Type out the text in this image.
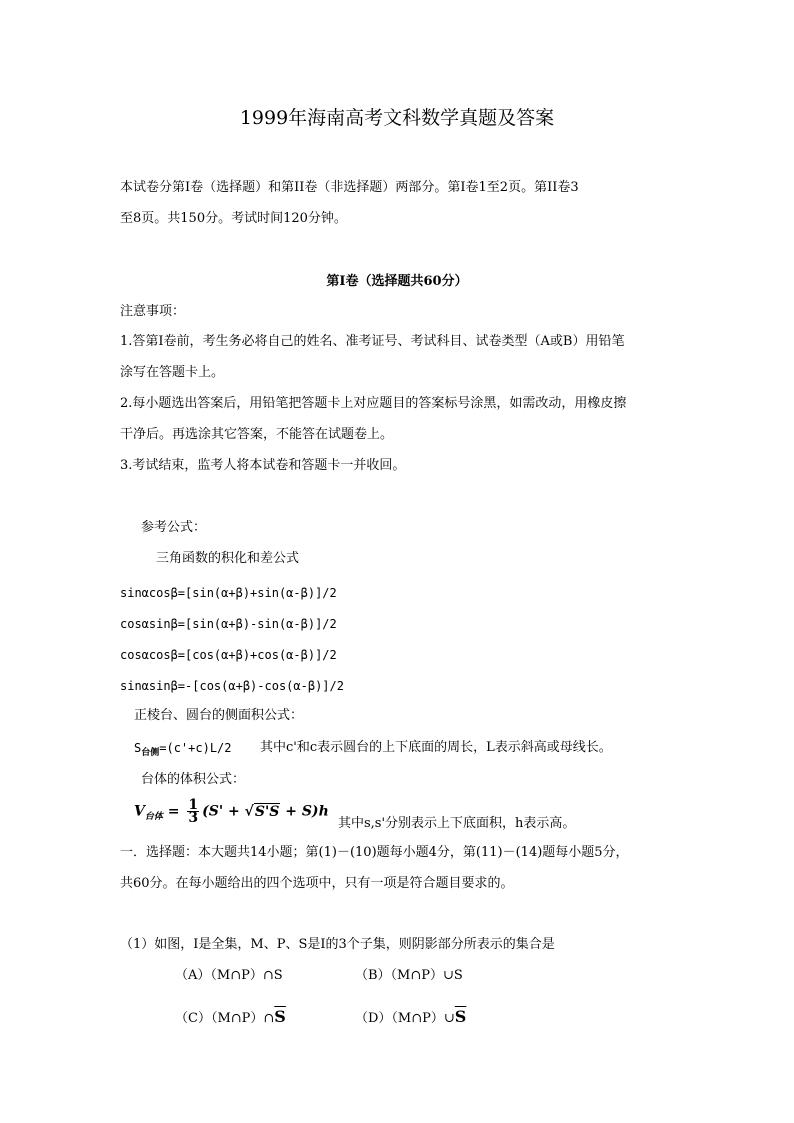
1999年海南高考文科数学真题及答案
本试卷分第Ⅰ卷（选择题）和第II卷（非选择题）两部分。第Ⅰ卷1至2页。第II卷3
至8页。共150分。考试时间120分钟。
第Ⅰ卷（选择题共60分）
注意事项：
1.答第Ⅰ卷前，考生务必将自己的姓名、准考证号、考试科目、试卷类型（A或B）用铅笔
涂写在答题卡上。
2.每小题选出答案后，用铅笔把答题卡上对应题目的答案标号涂黑，如需改动，用橡皮擦
干净后。再选涂其它答案，不能答在试题卷上。
3.考试结束，监考人将本试卷和答题卡一并收回。
参考公式：
三角函数的积化和差公式
sinαcosβ=[sin(α+β)+sin(α-β)]/2
cosαsinβ=[sin(α+β)-sin(α-β)]/2
cosαcosβ=[cos(α+β)+cos(α-β)]/2
sinαsinβ=-[cos(α+β)-cos(α-β)]/2
正棱台、圆台的侧面积公式：
$S_{台侧}=(c'+c)L/2$ 其中c'和c表示圆台的上下底面的周长，L表示斜高或母线长。
台体的体积公式：
$V_{台体} = \frac{1}{3} (S' + √S'S + S)h$
其中s,s'分别表示上下底面积，h表示高。
一．选择题：本大题共14小题；第(1)－(10)题每小题4分，第(11)－(14)题每小题5分，
共60分。在每小题给出的四个选项中，只有一项是符合题目要求的。
（1）如图，I是全集，M、P、S是I的3个子集，则阴影部分所表示的集合是
（A）（M∩P）∩S	（B）（M∩P）∪S
$(C)(M\cap P)\cap\overline{S}$	$(D)(M\cap P)\cup\overline{S}$
